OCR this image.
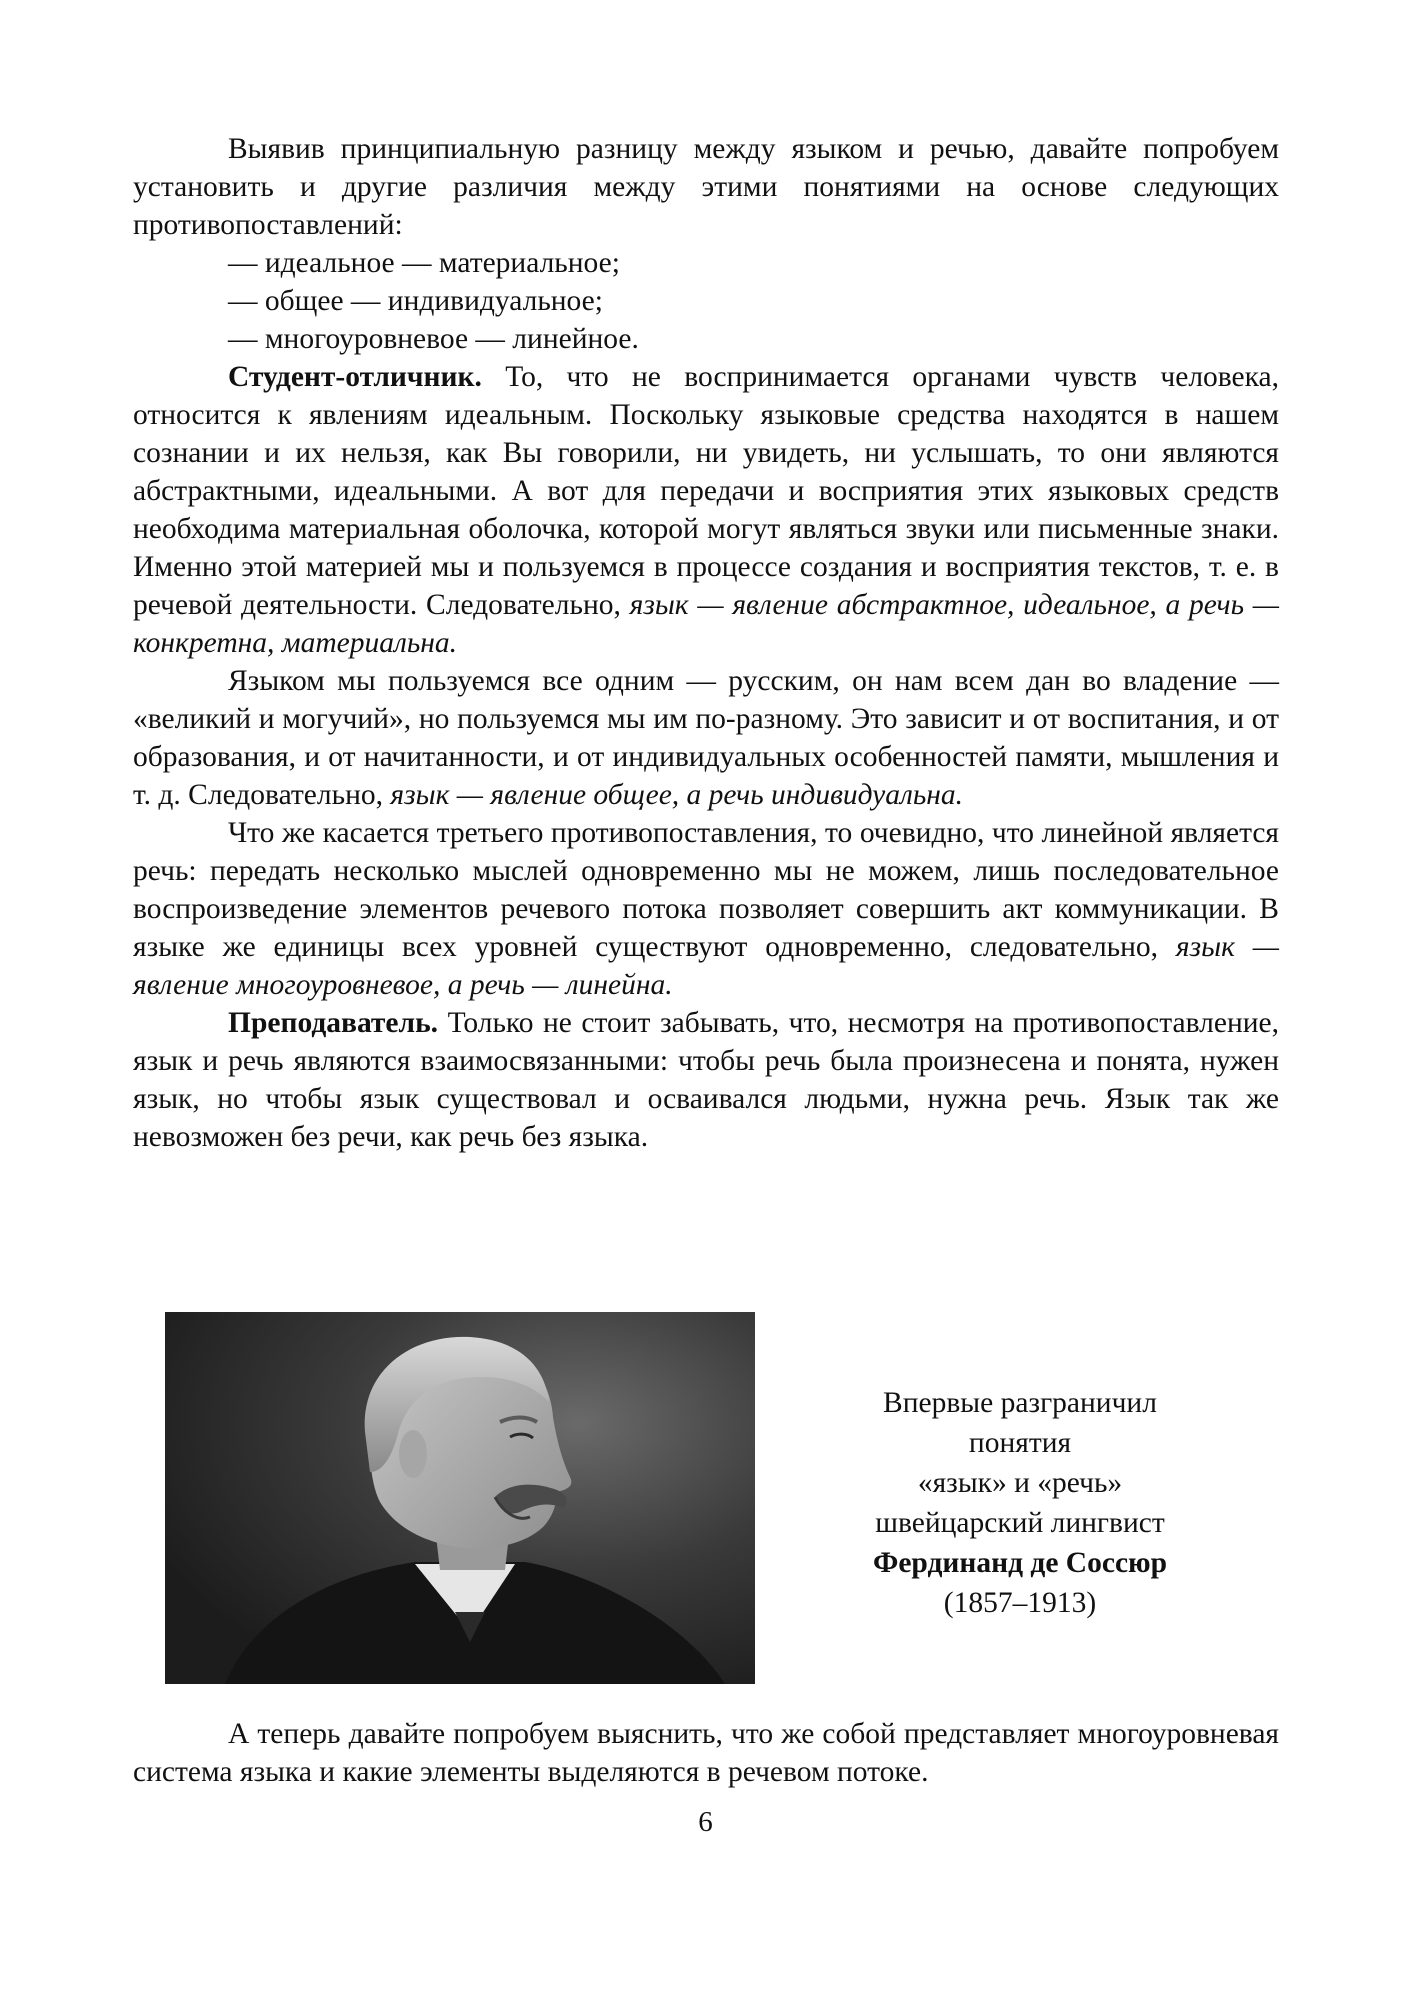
Выявив принципиальную разницу между языком и речью, давайте попробуем установить и другие различия между этими понятиями на основе следующих противопоставлений:

— идеальное — материальное;
— общее — индивидуальное;
— многоуровневое — линейное.

Студент-отличник. То, что не воспринимается органами чувств человека, относится к явлениям идеальным. Поскольку языковые средства находятся в нашем сознании и их нельзя, как Вы говорили, ни увидеть, ни услышать, то они являются абстрактными, идеальными. А вот для передачи и восприятия этих языковых средств необходима материальная оболочка, которой могут являться звуки или письменные знаки. Именно этой материей мы и пользуемся в процессе создания и восприятия текстов, т. е. в речевой деятельности. Следовательно, язык — явление абстрактное, идеальное, а речь — конкретна, материальна.

Языком мы пользуемся все одним — русским, он нам всем дан во владение — «великий и могучий», но пользуемся мы им по-разному. Это зависит и от воспитания, и от образования, и от начитанности, и от индивидуальных особенностей памяти, мышления и т. д. Следовательно, язык — явление общее, а речь индивидуальна.

Что же касается третьего противопоставления, то очевидно, что линейной является речь: передать несколько мыслей одновременно мы не можем, лишь последовательное воспроизведение элементов речевого потока позволяет совершить акт коммуникации. В языке же единицы всех уровней существуют одновременно, следовательно, язык — явление многоуровневое, а речь — линейна.

Преподаватель. Только не стоит забывать, что, несмотря на противопоставление, язык и речь являются взаимосвязанными: чтобы речь была произнесена и понята, нужен язык, но чтобы язык существовал и осваивался людьми, нужна речь. Язык так же невозможен без речи, как речь без языка.

Впервые разграничил
понятия
«язык» и «речь»
швейцарский лингвист
Фердинанд де Соссюр
(1857–1913)

А теперь давайте попробуем выяснить, что же собой представляет многоуровневая система языка и какие элементы выделяются в речевом потоке.

6
